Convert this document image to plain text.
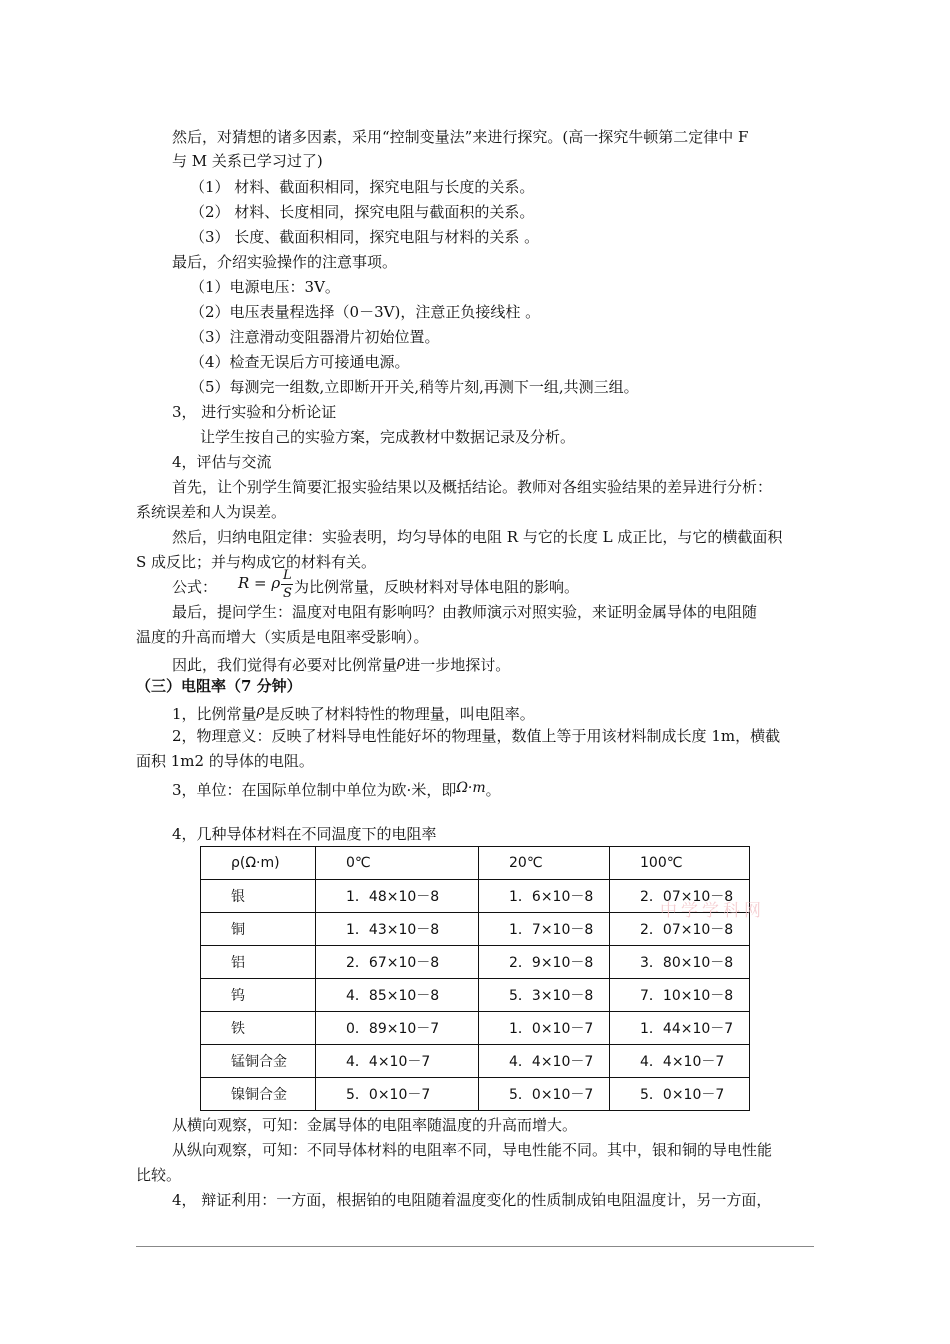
然后，对猜想的诸多因素，采用“控制变量法”来进行探究。(高一探究牛顿第二定律中 F
与 M 关系已学习过了)
（1） 材料、截面积相同，探究电阻与长度的关系。
（2） 材料、长度相同，探究电阻与截面积的关系。
（3） 长度、截面积相同，探究电阻与材料的关系 。
最后，介绍实验操作的注意事项。
（1）电源电压：3V。
（2）电压表量程选择（0－3V)，注意正负接线柱 。
（3）注意滑动变阻器滑片初始位置。
（4）检查无误后方可接通电源。
（5）每测完一组数,立即断开开关,稍等片刻,再测下一组,共测三组。
3， 进行实验和分析论证
让学生按自己的实验方案，完成教材中数据记录及分析。
4，评估与交流
首先，让个别学生简要汇报实验结果以及概括结论。教师对各组实验结果的差异进行分析：
系统误差和人为误差。
然后，归纳电阻定律：实验表明，均匀导体的电阻 R 与它的长度 L 成正比，与它的横截面积
S 成反比；并与构成它的材料有关。
公式： R = ρ L
S 为比例常量，反映材料对导体电阻的影响。
最后，提问学生：温度对电阻有影响吗？由教师演示对照实验，来证明金属导体的电阻随
温度的升高而增大（实质是电阻率受影响）。
因此，我们觉得有必要对比例常量ρ进一步地探讨。
（三）电阻率（7 分钟）
1，比例常量ρ是反映了材料特性的物理量，叫电阻率。
2，物理意义：反映了材料导电性能好坏的物理量，数值上等于用该材料制成长度 1m，横截
面积 1m2 的导体的电阻。
3，单位：在国际单位制中单位为欧·米，即Ω·m。
4，几种导体材料在不同温度下的电阻率
ρ(Ω·m)	0℃	20℃	100℃
银	1．48×10－8	1．6×10－8	2．07×10－8
铜	1．43×10－8	1．7×10－8	2．07×10－8
铝	2．67×10－8	2．9×10－8	3．80×10－8
钨	4．85×10－8	5．3×10－8	7．10×10－8
铁	0．89×10－7	1．0×10－7	1．44×10－7
锰铜合金	4．4×10－7	4．4×10－7	4．4×10－7
镍铜合金	5．0×10－7	5．0×10－7	5．0×10－7
中学学科网
从横向观察，可知：金属导体的电阻率随温度的升高而增大。
从纵向观察，可知：不同导体材料的电阻率不同，导电性能不同。其中，银和铜的导电性能
比较。
4， 辩证利用：一方面，根据铂的电阻随着温度变化的性质制成铂电阻温度计，另一方面，
